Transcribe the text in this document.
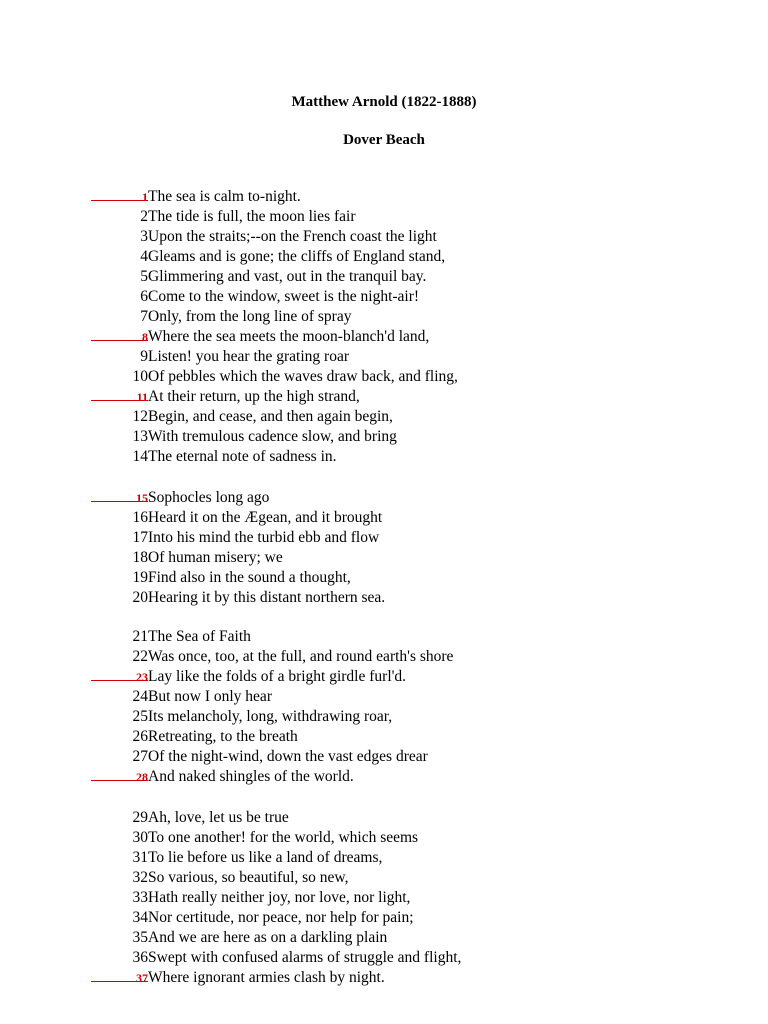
Matthew Arnold (1822-1888)
Dover Beach
1 The sea is calm to-night.
2 The tide is full, the moon lies fair
3 Upon the straits;--on the French coast the light
4 Gleams and is gone; the cliffs of England stand,
5 Glimmering and vast, out in the tranquil bay.
6 Come to the window, sweet is the night-air!
7 Only, from the long line of spray
8 Where the sea meets the moon-blanch'd land,
9 Listen! you hear the grating roar
10 Of pebbles which the waves draw back, and fling,
11 At their return, up the high strand,
12 Begin, and cease, and then again begin,
13 With tremulous cadence slow, and bring
14 The eternal note of sadness in.
15 Sophocles long ago
16 Heard it on the Ægean, and it brought
17 Into his mind the turbid ebb and flow
18 Of human misery; we
19 Find also in the sound a thought,
20 Hearing it by this distant northern sea.
21 The Sea of Faith
22 Was once, too, at the full, and round earth's shore
23 Lay like the folds of a bright girdle furl'd.
24 But now I only hear
25 Its melancholy, long, withdrawing roar,
26 Retreating, to the breath
27 Of the night-wind, down the vast edges drear
28 And naked shingles of the world.
29 Ah, love, let us be true
30 To one another! for the world, which seems
31 To lie before us like a land of dreams,
32 So various, so beautiful, so new,
33 Hath really neither joy, nor love, nor light,
34 Nor certitude, nor peace, nor help for pain;
35 And we are here as on a darkling plain
36 Swept with confused alarms of struggle and flight,
37 Where ignorant armies clash by night.
